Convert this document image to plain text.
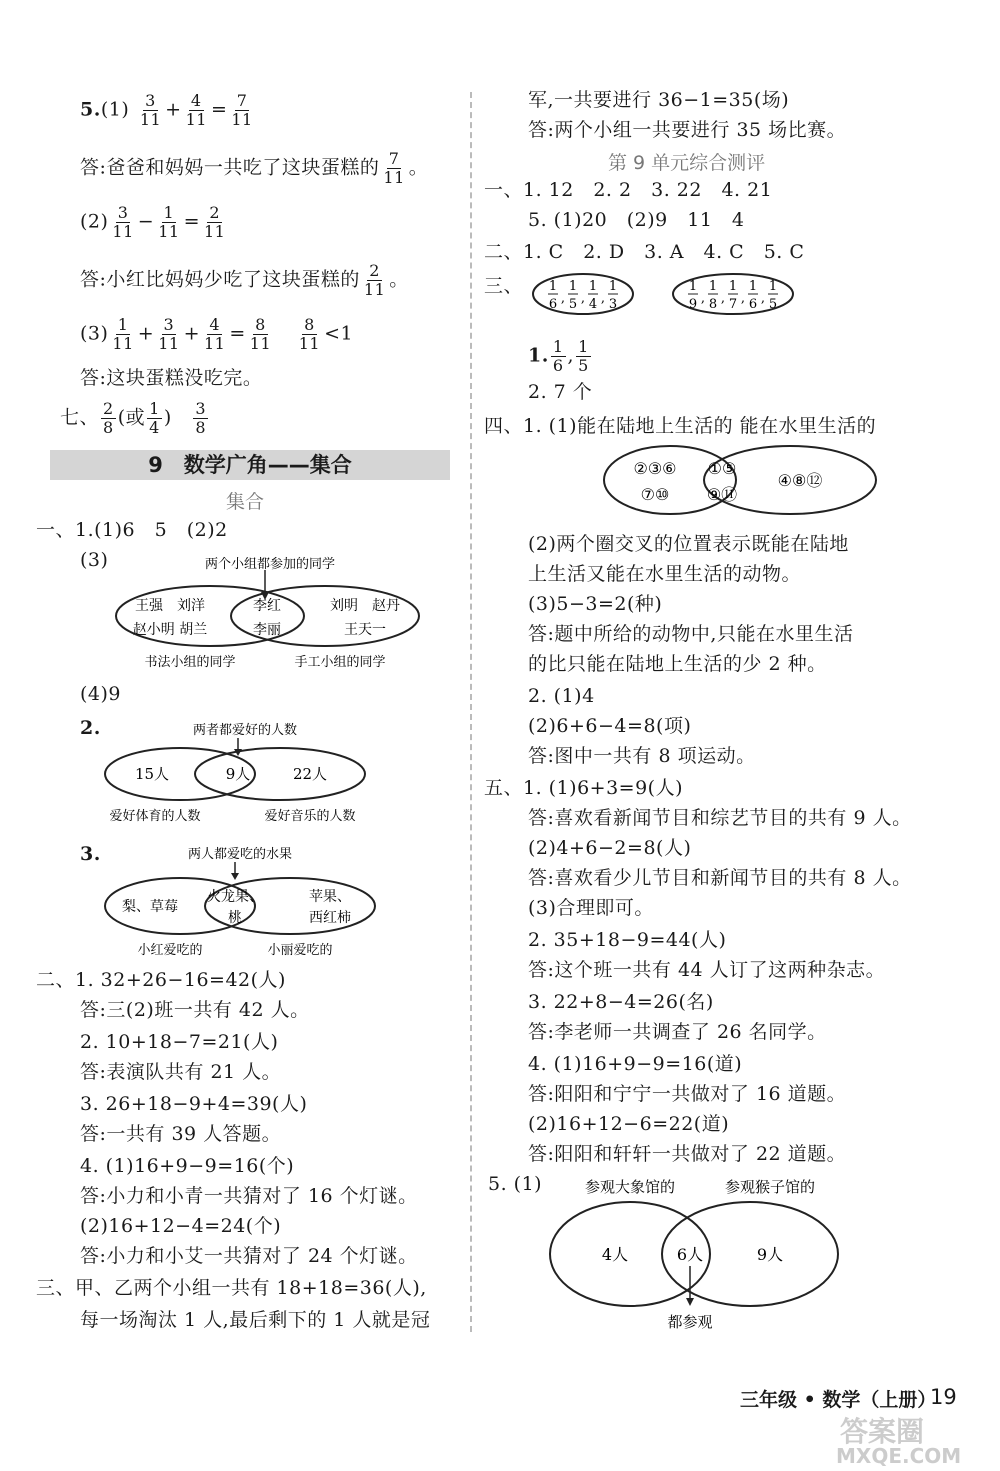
$5.(1) \frac{3}{11} + \frac{4}{11} = \frac{7}{11}$
答:爸爸和妈妈一共吃了这块蛋糕的 $\frac{7}{11}$ 。
$(2) \frac{3}{11} - \frac{1}{11} = \frac{2}{11}$
答:小红比妈妈少吃了这块蛋糕的 $\frac{2}{11}$ 。
$(3) \frac{1}{11} + \frac{3}{11} + \frac{4}{11} = \frac{8}{11}$
$\frac{8}{11} <1$
答:这块蛋糕没吃完。
七、 $\frac{2}{8}$ (或 $\frac{1}{4}$ ) $\frac{3}{8}$
9　数学广角——集合
集合
一、1.(1)6　5　(2)2
(3)	两个小组都参加的同学
王强　刘洋
赵小明 胡兰
李红
李丽
刘明　赵丹
王天一
书法小组的同学	手工小组的同学
(4)9
2.	两者都爱好的人数
15人	9人	22人
爱好体育的人数	爱好音乐的人数
3.	两人都爱吃的水果
梨、草莓
火龙果、
桃
苹果、
西红柿
小红爱吃的	小丽爱吃的
二、1. 32+26−16=42(人)
答:三(2)班一共有 42 人。
2. 10+18−7=21(人)
答:表演队共有 21 人。
3. 26+18−9+4=39(人)
答:一共有 39 人答题。
4. (1)16+9−9=16(个)
答:小力和小青一共猜对了 16 个灯谜。
(2)16+12−4=24(个)
答:小力和小艾一共猜对了 24 个灯谜。
三、甲、乙两个小组一共有 18+18=36(人),
每一场淘汰 1 人,最后剩下的 1 人就是冠
军,一共要进行 36−1=35(场)
答:两个小组一共要进行 35 场比赛。
第 9 单元综合测评
一、1. 12　2. 2　3. 22　4. 21
5. (1)20　(2)9　11　4
二、1. C　2. D　3. A　4. C　5. C
三、 1
6 ,
1
5 ,
1
4 ,
1
3
1
9 ,
1
8 ,
1
7 ,
1
6 ,
1
5
1. $\frac{1}{6}$ , $\frac{1}{5}$
2. 7 个
四、1. (1)能在陆地上生活的 能在水里生活的
②③⑥
⑦⑩
①⑤
⑨⑪
④⑧⑫
(2)两个圈交叉的位置表示既能在陆地
上生活又能在水里生活的动物。
(3)5−3=2(种)
答:题中所给的动物中,只能在水里生活
的比只能在陆地上生活的少 2 种。
2. (1)4
(2)6+6−4=8(项)
答:图中一共有 8 项运动。
五、1. (1)6+3=9(人)
答:喜欢看新闻节目和综艺节目的共有 9 人。
(2)4+6−2=8(人)
答:喜欢看少儿节目和新闻节目的共有 8 人。
(3)合理即可。
2. 35+18−9=44(人)
答:这个班一共有 44 人订了这两种杂志。
3. 22+8−4=26(名)
答:李老师一共调查了 26 名同学。
4. (1)16+9−9=16(道)
答:阳阳和宁宁一共做对了 16 道题。
(2)16+12−6=22(道)
答:阳阳和轩轩一共做对了 22 道题。
5. (1)	参观大象馆的	参观猴子馆的
4人	6人	9人
都参观
三年级 • 数学（上册）
19
答案圈
MXQE.COM
